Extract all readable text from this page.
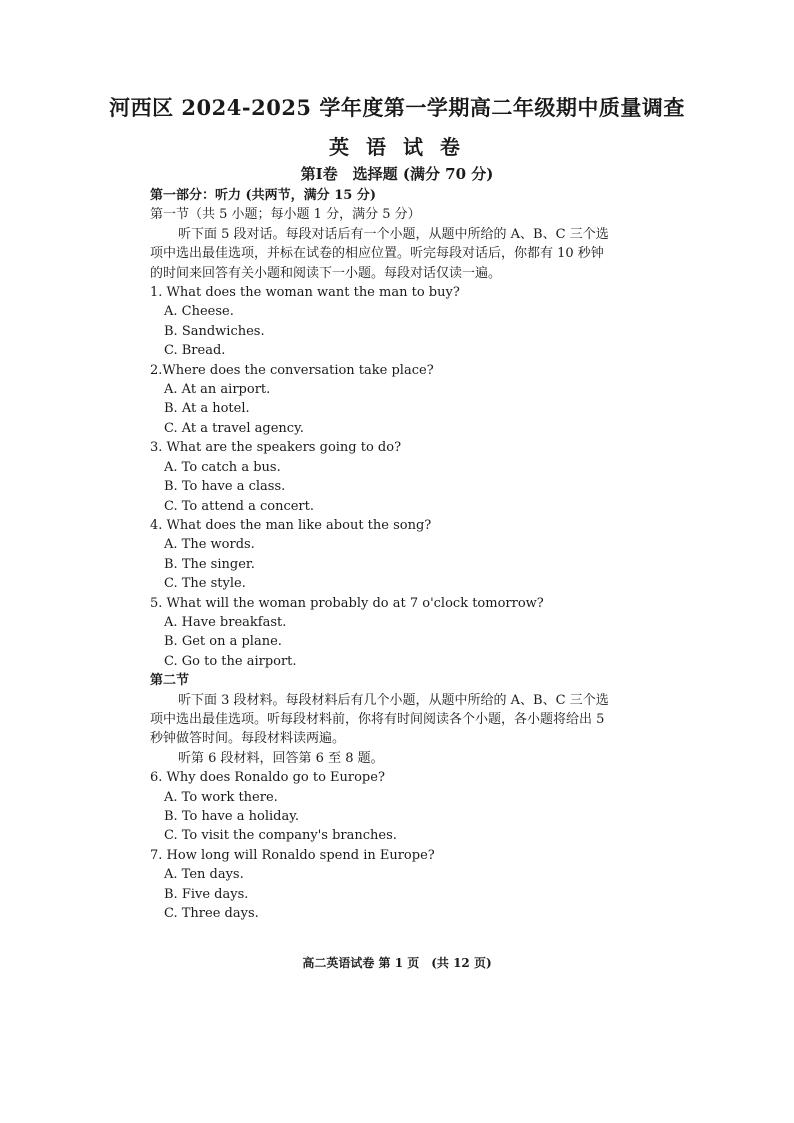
河西区 2024-2025 学年度第一学期高二年级期中质量调查
英 语 试 卷
第Ⅰ卷　选择题 (满分 70 分)
第一部分：听力 (共两节，满分 15 分)
第一节（共 5 小题；每小题 1 分，满分 5 分）
听下面 5 段对话。每段对话后有一个小题，从题中所给的 A、B、C 三个选
项中选出最佳选项，并标在试卷的相应位置。听完每段对话后，你都有 10 秒钟
的时间来回答有关小题和阅读下一小题。每段对话仅读一遍。
1. What does the woman want the man to buy?
A. Cheese.
B. Sandwiches.
C. Bread.
2.Where does the conversation take place?
A. At an airport.
B. At a hotel.
C. At a travel agency.
3. What are the speakers going to do?
A. To catch a bus.
B. To have a class.
C. To attend a concert.
4. What does the man like about the song?
A. The words.
B. The singer.
C. The style.
5. What will the woman probably do at 7 o'clock tomorrow?
A. Have breakfast.
B. Get on a plane.
C. Go to the airport.
第二节
听下面 3 段材料。每段材料后有几个小题，从题中所给的 A、B、C 三个选
项中选出最佳选项。听每段材料前，你将有时间阅读各个小题，各小题将给出 5
秒钟做答时间。每段材料读两遍。
听第 6 段材料，回答第 6 至 8 题。
6. Why does Ronaldo go to Europe?
A. To work there.
B. To have a holiday.
C. To visit the company's branches.
7. How long will Ronaldo spend in Europe?
A. Ten days.
B. Five days.
C. Three days.
高二英语试卷 第 1 页　(共 12 页)
